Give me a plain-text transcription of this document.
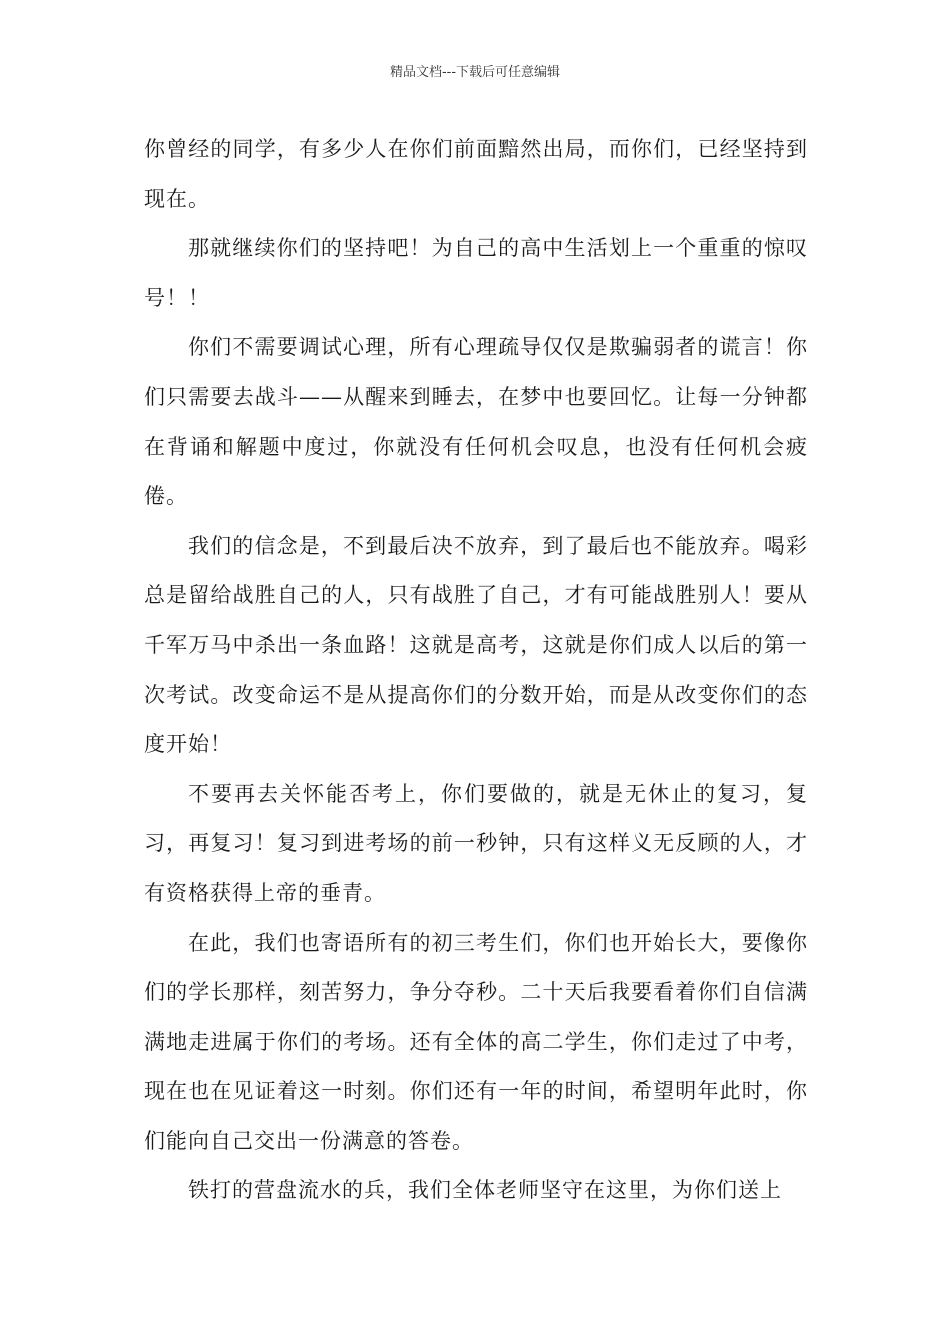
精品文档---下载后可任意编辑

你曾经的同学，有多少人在你们前面黯然出局，而你们，已经坚持到现在。

那就继续你们的坚持吧！为自己的高中生活划上一个重重的惊叹号！！

你们不需要调试心理，所有心理疏导仅仅是欺骗弱者的谎言！你们只需要去战斗——从醒来到睡去，在梦中也要回忆。让每一分钟都在背诵和解题中度过，你就没有任何机会叹息，也没有任何机会疲倦。

我们的信念是，不到最后决不放弃，到了最后也不能放弃。喝彩总是留给战胜自己的人，只有战胜了自己，才有可能战胜别人！要从千军万马中杀出一条血路！这就是高考，这就是你们成人以后的第一次考试。改变命运不是从提高你们的分数开始，而是从改变你们的态度开始！

不要再去关怀能否考上，你们要做的，就是无休止的复习，复习，再复习！复习到进考场的前一秒钟，只有这样义无反顾的人，才有资格获得上帝的垂青。

在此，我们也寄语所有的初三考生们，你们也开始长大，要像你们的学长那样，刻苦努力，争分夺秒。二十天后我要看着你们自信满满地走进属于你们的考场。还有全体的高二学生，你们走过了中考，现在也在见证着这一时刻。你们还有一年的时间，希望明年此时，你们能向自己交出一份满意的答卷。

铁打的营盘流水的兵，我们全体老师坚守在这里，为你们送上
